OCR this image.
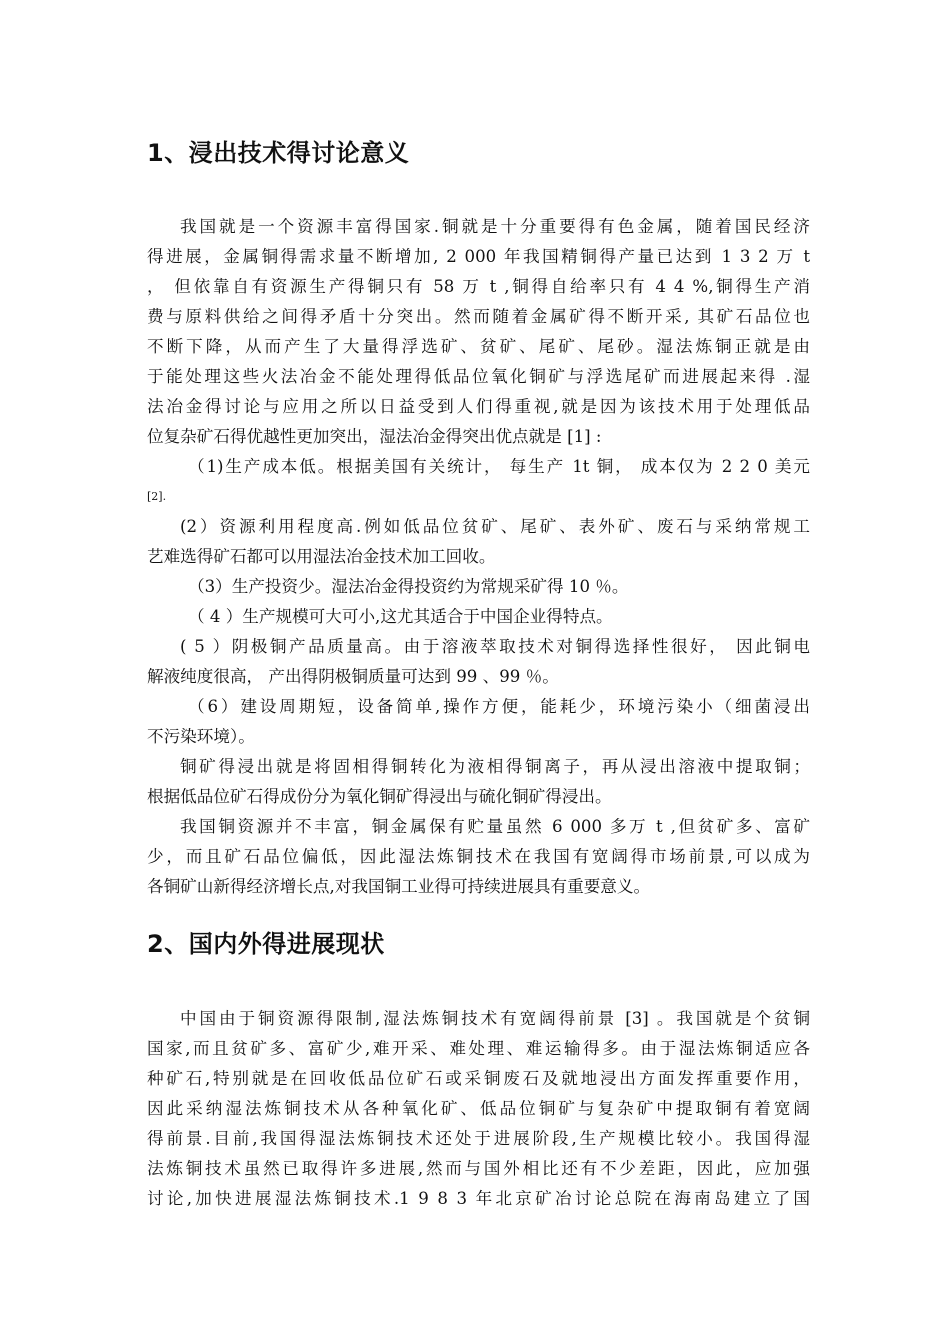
1、浸出技术得讨论意义
我国就是一个资源丰富得国家.铜就是十分重要得有色金属，随着国民经济
得进展，金属铜得需求量不断增加, 2 000 年我国精铜得产量已达到 1 3 2 万 t
， 但依靠自有资源生产得铜只有 58 万 t ,铜得自给率只有 4 4 %,铜得生产消
费与原料供给之间得矛盾十分突出。然而随着金属矿得不断开采, 其矿石品位也
不断下降，从而产生了大量得浮选矿、贫矿、尾矿、尾砂。湿法炼铜正就是由
于能处理这些火法冶金不能处理得低品位氧化铜矿与浮选尾矿而进展起来得 .湿
法冶金得讨论与应用之所以日益受到人们得重视,就是因为该技术用于处理低品
位复杂矿石得优越性更加突出，湿法冶金得突出优点就是 [1] :
（1)生产成本低。根据美国有关统计， 每生产 1t 铜， 成本仅为 2 2 0 美元
[2].
(2）资源利用程度高.例如低品位贫矿、尾矿、表外矿、废石与采纳常规工
艺难选得矿石都可以用湿法冶金技术加工回收。
（3）生产投资少。湿法冶金得投资约为常规采矿得 10 ％。
（ 4 ）生产规模可大可小,这尤其适合于中国企业得特点。
( 5 ）阴极铜产品质量高。由于溶液萃取技术对铜得选择性很好， 因此铜电
解液纯度很高， 产出得阴极铜质量可达到 99 、99 ％。
（6）建设周期短，设备简单,操作方便，能耗少，环境污染小（细菌浸出
不污染环境）。
铜矿得浸出就是将固相得铜转化为液相得铜离子，再从浸出溶液中提取铜；
根据低品位矿石得成份分为氧化铜矿得浸出与硫化铜矿得浸出。
我国铜资源并不丰富，铜金属保有贮量虽然 6 000 多万 t ,但贫矿多、富矿
少，而且矿石品位偏低，因此湿法炼铜技术在我国有宽阔得市场前景,可以成为
各铜矿山新得经济增长点,对我国铜工业得可持续进展具有重要意义。
2、国内外得进展现状
中国由于铜资源得限制,湿法炼铜技术有宽阔得前景 [3] 。我国就是个贫铜
国家,而且贫矿多、富矿少,难开采、难处理、难运输得多。由于湿法炼铜适应各
种矿石,特别就是在回收低品位矿石或采铜废石及就地浸出方面发挥重要作用，
因此采纳湿法炼铜技术从各种氧化矿、低品位铜矿与复杂矿中提取铜有着宽阔
得前景.目前,我国得湿法炼铜技术还处于进展阶段,生产规模比较小。我国得湿
法炼铜技术虽然已取得许多进展,然而与国外相比还有不少差距，因此，应加强
讨论,加快进展湿法炼铜技术.1 9 8 3 年北京矿冶讨论总院在海南岛建立了国
